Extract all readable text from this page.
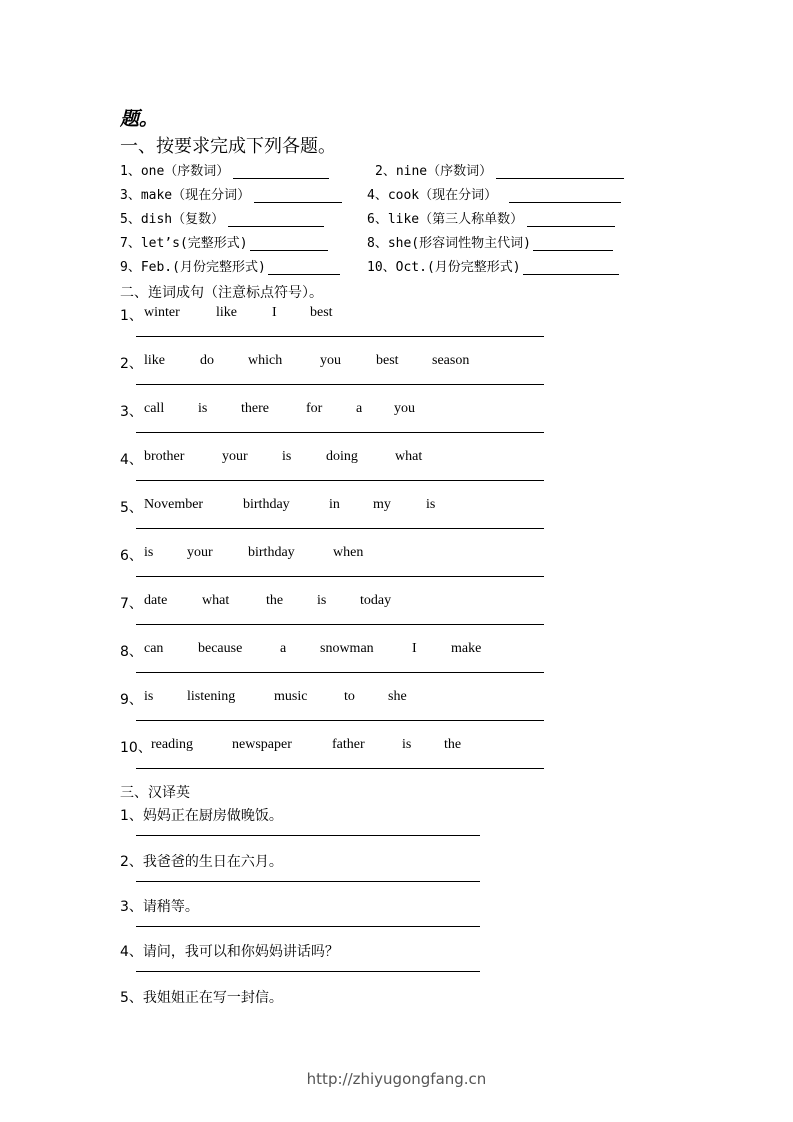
题。
一、按要求完成下列各题。
1、one（序数词）	2、nine（序数词）
3、make（现在分词）	4、cook（现在分词）
5、dish（复数）	6、like（第三人称单数）
7、let’s(完整形式)	8、she(形容词性物主代词)
9、Feb.(月份完整形式)	10、Oct.(月份完整形式)
二、连词成句（注意标点符号）。
1、 winter	like	I best
2、 like	do which	you	best season
3、 call is there	for a you
4、 brother	your is doing	what
5、 November	birthday	in my	is
6、 is your	birthday	when
7、 date what	the is today
8、 can because	a snowman	I make
9、 is listening	music	to she
10、 reading	newspaper	father	is the
三、汉译英
1、妈妈正在厨房做晚饭。
2、我爸爸的生日在六月。
3、请稍等。
4、请问，我可以和你妈妈讲话吗？
5、我姐姐正在写一封信。
http://zhiyugongfang.cn
